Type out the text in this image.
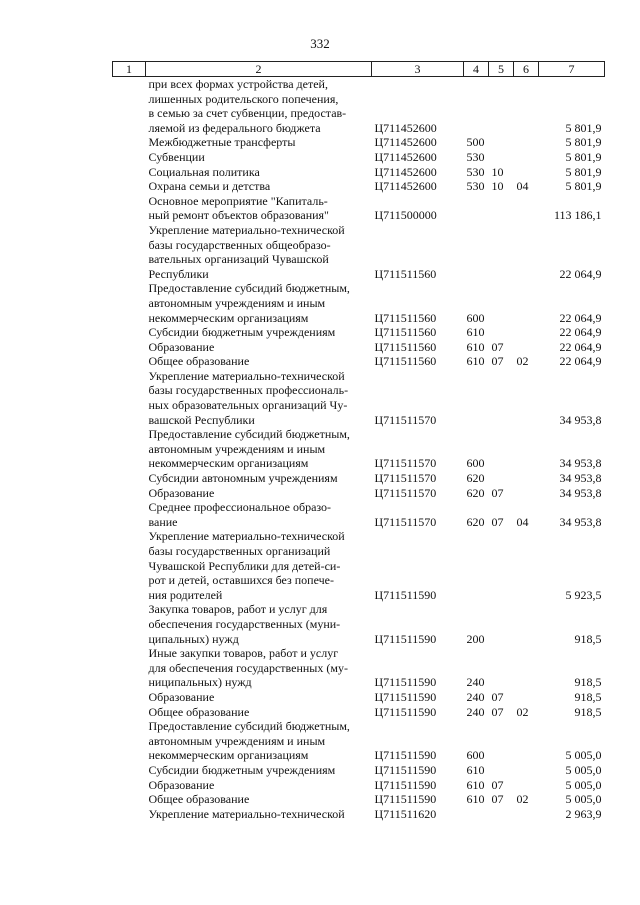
332
1	2	3	4	5	6	7
	при всех формах устройства детей,
лишенных родительского попечения,
в семью за счет субвенции, предостав-
ляемой из федерального бюджета	Ц711452600				5 801,9
	Межбюджетные трансферты	Ц711452600	500			5 801,9
	Субвенции	Ц711452600	530			5 801,9
	Социальная политика	Ц711452600	530	10		5 801,9
	Охрана семьи и детства	Ц711452600	530	10	04	5 801,9
	Основное мероприятие "Капиталь-
ный ремонт объектов образования"	Ц711500000				113 186,1
	Укрепление материально-технической
базы государственных общеобразо-
вательных организаций Чувашской
Республики	Ц711511560				22 064,9
	Предоставление субсидий бюджетным,
автономным учреждениям и иным
некоммерческим организациям	Ц711511560	600			22 064,9
	Субсидии бюджетным учреждениям	Ц711511560	610			22 064,9
	Образование	Ц711511560	610	07		22 064,9
	Общее образование	Ц711511560	610	07	02	22 064,9
	Укрепление материально-технической
базы государственных профессиональ-
ных образовательных организаций Чу-
вашской Республики	Ц711511570				34 953,8
	Предоставление субсидий бюджетным,
автономным учреждениям и иным
некоммерческим организациям	Ц711511570	600			34 953,8
	Субсидии автономным учреждениям	Ц711511570	620			34 953,8
	Образование	Ц711511570	620	07		34 953,8
	Среднее профессиональное образо-
вание	Ц711511570	620	07	04	34 953,8
	Укрепление материально-технической
базы государственных организаций
Чувашской Республики для детей-си-
рот и детей, оставшихся без попече-
ния родителей	Ц711511590				5 923,5
	Закупка товаров, работ и услуг для
обеспечения государственных (муни-
ципальных) нужд	Ц711511590	200			918,5
	Иные закупки товаров, работ и услуг
для обеспечения государственных (му-
ниципальных) нужд	Ц711511590	240			918,5
	Образование	Ц711511590	240	07		918,5
	Общее образование	Ц711511590	240	07	02	918,5
	Предоставление субсидий бюджетным,
автономным учреждениям и иным
некоммерческим организациям	Ц711511590	600			5 005,0
	Субсидии бюджетным учреждениям	Ц711511590	610			5 005,0
	Образование	Ц711511590	610	07		5 005,0
	Общее образование	Ц711511590	610	07	02	5 005,0
	Укрепление материально-технической	Ц711511620				2 963,9
